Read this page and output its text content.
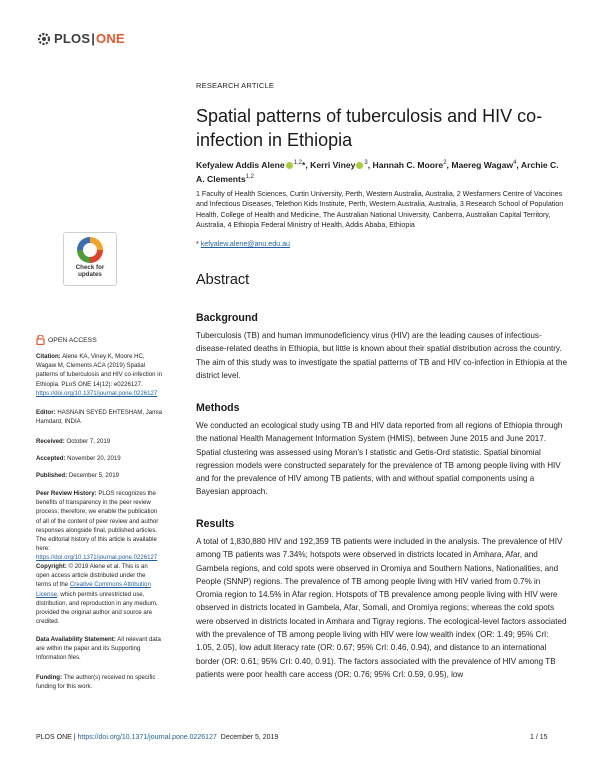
PLOS | ONE
RESEARCH ARTICLE
Spatial patterns of tuberculosis and HIV co-infection in Ethiopia
Kefyalew Addis Alene $^{1,2}$*, Kerri Viney $^3$, Hannah C. Moore$^2$, Maereg Wagaw$^4$, Archie C. A. Clements$^{1,2}$
1 Faculty of Health Sciences, Curtin University, Perth, Western Australia, Australia, 2 Wesfarmers Centre of Vaccines and Infectious Diseases, Telethon Kids Institute, Perth, Western Australia, Australia, 3 Research School of Population Health, College of Health and Medicine, The Australian National University, Canberra, Australian Capital Territory, Australia, 4 Ethiopia Federal Ministry of Health, Addis Ababa, Ethiopia
* kefyalew.alene@anu.edu.au
Abstract
Background
Tuberculosis (TB) and human immunodeficiency virus (HIV) are the leading causes of infectious-disease-related deaths in Ethiopia, but little is known about their spatial distribution across the country. The aim of this study was to investigate the spatial patterns of TB and HIV co-infection in Ethiopia at the district level.
Methods
We conducted an ecological study using TB and HIV data reported from all regions of Ethiopia through the national Health Management Information System (HMIS), between June 2015 and June 2017. Spatial clustering was assessed using Moran's I statistic and Getis-Ord statistic. Spatial binomial regression models were constructed separately for the prevalence of TB among people living with HIV and for the prevalence of HIV among TB patients, with and without spatial components using a Bayesian approach.
Results
A total of 1,830,880 HIV and 192,359 TB patients were included in the analysis. The prevalence of HIV among TB patients was 7.34%; hotspots were observed in districts located in Amhara, Afar, and Gambela regions, and cold spots were observed in Oromiya and Southern Nations, Nationalities, and People (SNNP) regions. The prevalence of TB among people living with HIV varied from 0.7% in Oromia region to 14.5% in Afar region. Hotspots of TB prevalence among people living with HIV were observed in districts located in Gambela, Afar, Somali, and Oromiya regions; whereas the cold spots were observed in districts located in Amhara and Tigray regions. The ecological-level factors associated with the prevalence of TB among people living with HIV were low wealth index (OR: 1.49; 95% CrI: 1.05, 2.05), low adult literacy rate (OR: 0.67; 95% CrI: 0.46, 0.94), and distance to an international border (OR: 0.61; 95% CrI: 0.40, 0.91). The factors associated with the prevalence of HIV among TB patients were poor health care access (OR: 0.76; 95% CrI: 0.59, 0.95), low
Check for
updates
OPEN ACCESS
Citation: Alene KA, Viney K, Moore HC, Wagaw M, Clements ACA (2019) Spatial patterns of tuberculosis and HIV co-infection in Ethiopia. PLoS ONE 14(12): e0226127. https://doi.org/10.1371/journal.pone.0226127
Editor: HASNAIN SEYED EHTESHAM, Jamia Hamdard, INDIA
Received: October 7, 2019
Accepted: November 20, 2019
Published: December 5, 2019
Peer Review History: PLOS recognizes the benefits of transparency in the peer review process; therefore, we enable the publication of all of the content of peer review and author responses alongside final, published articles. The editorial history of this article is available here: https://doi.org/10.1371/journal.pone.0226127
Copyright: © 2019 Alene et al. This is an open access article distributed under the terms of the Creative Commons Attribution License, which permits unrestricted use, distribution, and reproduction in any medium, provided the original author and source are credited.
Data Availability Statement: All relevant data are within the paper and its Supporting Information files.
Funding: The author(s) received no specific funding for this work.
PLOS ONE | https://doi.org/10.1371/journal.pone.0226127 December 5, 2019	1 / 15
